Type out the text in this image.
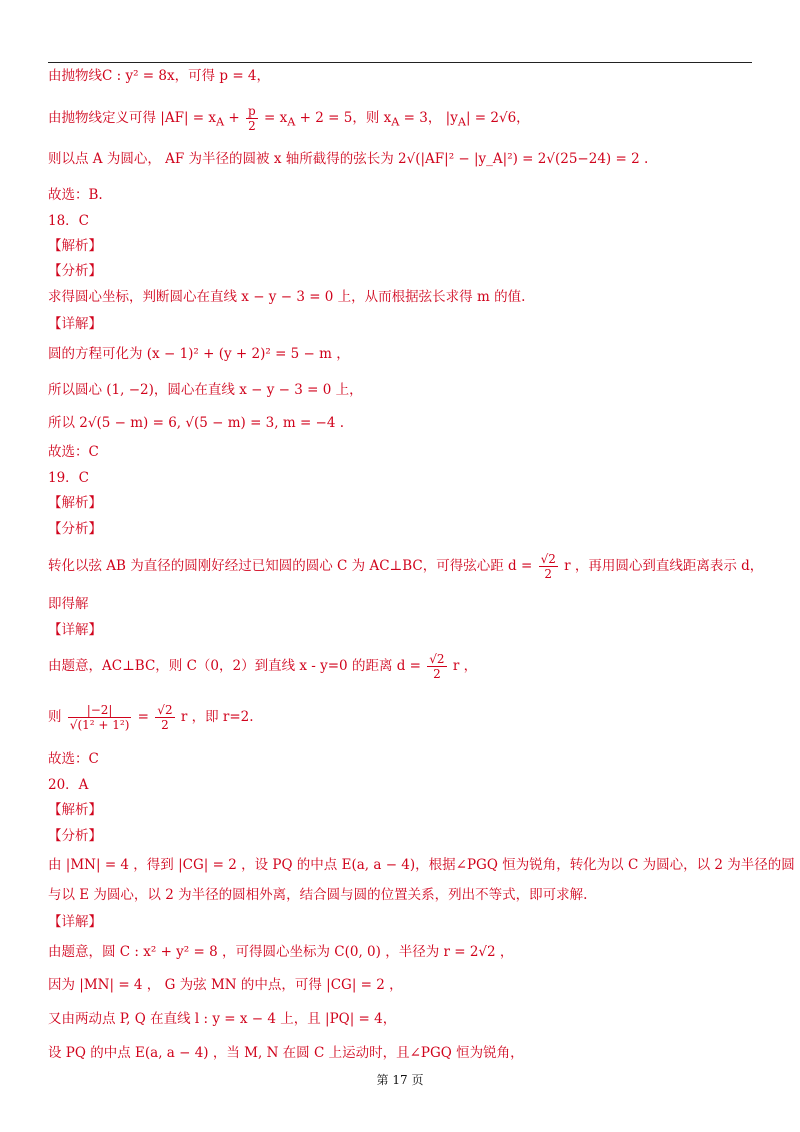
由抛物线C : y² = 8x，可得 p = 4，
由抛物线定义可得 $|AF| = x_A + \frac{p}{2} = x_A + 2 = 5$，则 $x_A = 3$， $|y_A| = 2√6$，
则以点 A 为圆心， AF 为半径的圆被 x 轴所截得的弦长为 2√(|AF|² − |y_A|²) = 2√(25−24) = 2 .
故选：B.
18．C
【解析】
【分析】
求得圆心坐标，判断圆心在直线 x − y − 3 = 0 上，从而根据弦长求得 m 的值.
【详解】
圆的方程可化为 (x − 1)² + (y + 2)² = 5 − m ，
所以圆心 (1, −2)，圆心在直线 x − y − 3 = 0 上，
所以 2√(5 − m) = 6, √(5 − m) = 3, m = −4 .
故选：C
19．C
【解析】
【分析】
转化以弦 AB 为直径的圆刚好经过已知圆的圆心 C 为 AC⊥BC，可得弦心距 $d = \frac{√2}{2}$ r ，再用圆心到直线距离表示 d，
即得解
【详解】
由题意，AC⊥BC，则 C（0，2）到直线 x - y=0 的距离 $d = \frac{√2}{2}$ r ，
则 $\frac{|-2|}{\text{√(1² + 1²)}} = \frac{√2}{2}$ r ，即 r=2.
故选：C
20．A
【解析】
【分析】
由 |MN| = 4 ，得到 |CG| = 2 ，设 PQ 的中点 E(a, a − 4)，根据∠PGQ 恒为锐角，转化为以 C 为圆心，以 2 为半径的圆
与以 E 为圆心，以 2 为半径的圆相外离，结合圆与圆的位置关系，列出不等式，即可求解.
【详解】
由题意，圆 C : x² + y² = 8 ，可得圆心坐标为 C(0, 0) ，半径为 r = 2√2 ，
因为 |MN| = 4 ， G 为弦 MN 的中点，可得 |CG| = 2 ，
又由两动点 P, Q 在直线 l : y = x − 4 上，且 |PQ| = 4，
设 PQ 的中点 E(a, a − 4) ，当 M, N 在圆 C 上运动时，且∠PGQ 恒为锐角，
第 17 页
